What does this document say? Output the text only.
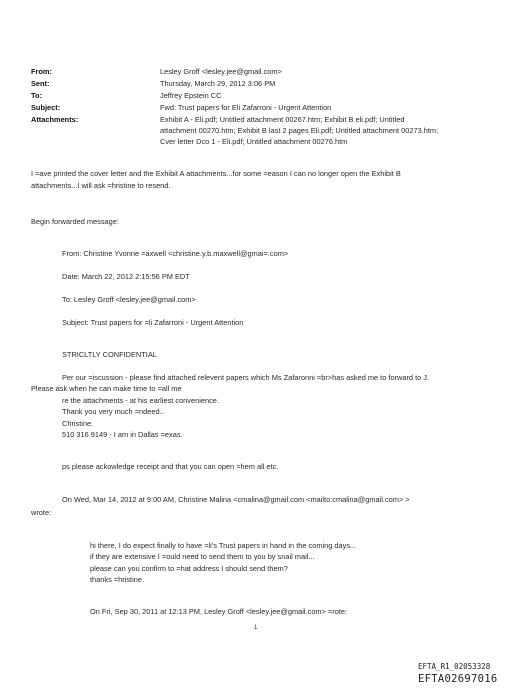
From:	Lesley Groff <lesley.jee@gmail.com>
Sent:	Thursday, March 29, 2012 3:06 PM
To:	Jeffrey Epstein CC
Subject:	Fwd: Trust papers for Eli Zafarroni - Urgent Attention
Attachments:	Exhibit A - Eli.pdf; Untitled attachment 00267.htm; Exhibit B eli.pdf; Untitled
attachment 00270.htm; Exhibit B last 2 pages Eli.pdf; Untitled attachment 00273.htm;
Cver letter Dco 1 - Eli.pdf; Untitled attachment 00276.htm
I =ave printed the cover letter and the Exhibit A attachments...for some =eason I can no longer open the Exhibit B
attachments...I will ask =hristine to resend.
Begin forwarded message:
From: Christine Yvonne =axwell <christine.y.b.maxwell@gmai=.com>
Date: March 22, 2012 2:15:56 PM EDT
To: Lesley Groff <lesley.jee@gmail.com>
Subject: Trust papers for =li Zafarroni - Urgent Attention
STRICLTLY CONFIDENTIAL
Per our =iscussion - please find attached relevent papers which Ms Zafaronni =br>has asked me to forward to J.
Please ask when he can make time to =all me
re the attachments - at his earliest convenience.
Thank you very much =ndeed..
Christine.
510 316 9149 - I am in Dallas =exas.
ps please ackowledge receipt and that you can open =hem all etc.
On Wed, Mar 14, 2012 at 9:00 AM, Christine Malina <cmalina@gmail.com <mailto:cmalina@gmail.com> >
wrote:
hi there, I do expect finally to have =li's Trust papers in hand in the coming days...
if they are extensive I =ould need to send them to you by snail mail...
please can you confirm to =hat address I should send them?
thanks =hristine.
On Fri, Sep 30, 2011 at 12:13 PM, Lesley Groff <lesley.jee@gmail.com> =rote:
1
EFTA_R1_02053328
EFTA02697016
